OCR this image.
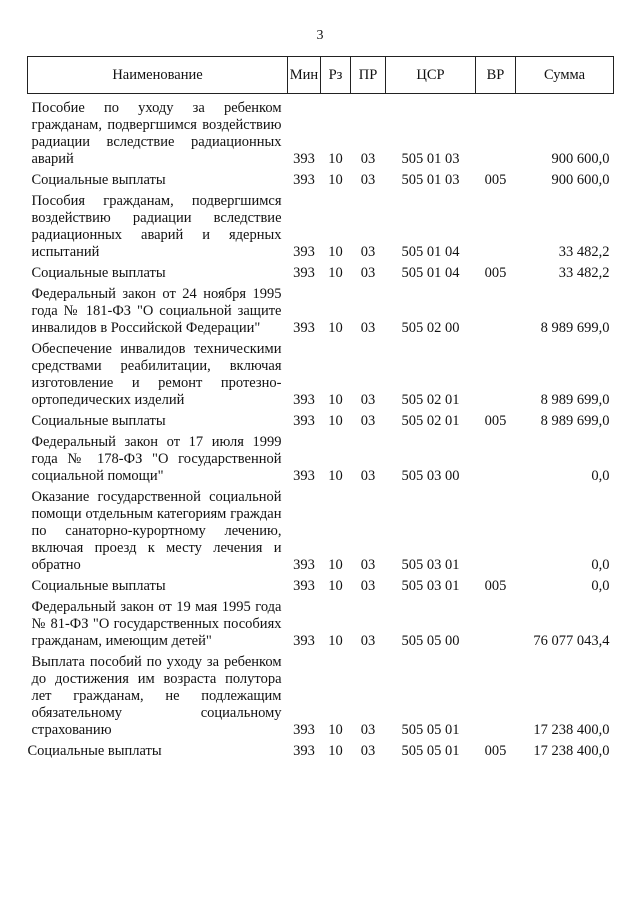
3
Наименование	Мин	Рз	ПР	ЦСР	ВР	Сумма
Пособие по уходу за ребенком гражданам, подвергшимся воздействию радиации вследствие радиационных аварий	393	10	03	505 01 03		900 600,0
Социальные выплаты	393	10	03	505 01 03	005	900 600,0
Пособия гражданам, подвергшимся воздействию радиации вследствие радиационных аварий и ядерных испытаний	393	10	03	505 01 04		33 482,2
Социальные выплаты	393	10	03	505 01 04	005	33 482,2
Федеральный закон от 24 ноября 1995 года № 181-ФЗ "О социальной защите инвалидов в Российской Федерации"	393	10	03	505 02 00		8 989 699,0
Обеспечение инвалидов техническими средствами реабилитации, включая изготовление и ремонт протезно-ортопедических изделий	393	10	03	505 02 01		8 989 699,0
Социальные выплаты	393	10	03	505 02 01	005	8 989 699,0
Федеральный закон от 17 июля 1999 года № 178-ФЗ "О государственной социальной помощи"	393	10	03	505 03 00		0,0
Оказание государственной социальной помощи отдельным категориям граждан по санаторно-курортному лечению, включая проезд к месту лечения и обратно	393	10	03	505 03 01		0,0
Социальные выплаты	393	10	03	505 03 01	005	0,0
Федеральный закон от 19 мая 1995 года № 81-ФЗ "О государственных пособиях гражданам, имеющим детей"	393	10	03	505 05 00		76 077 043,4
Выплата пособий по уходу за ребенком до достижения им возраста полутора лет гражданам, не подлежащим обязательному социальному страхованию	393	10	03	505 05 01		17 238 400,0
Социальные выплаты	393	10	03	505 05 01	005	17 238 400,0
